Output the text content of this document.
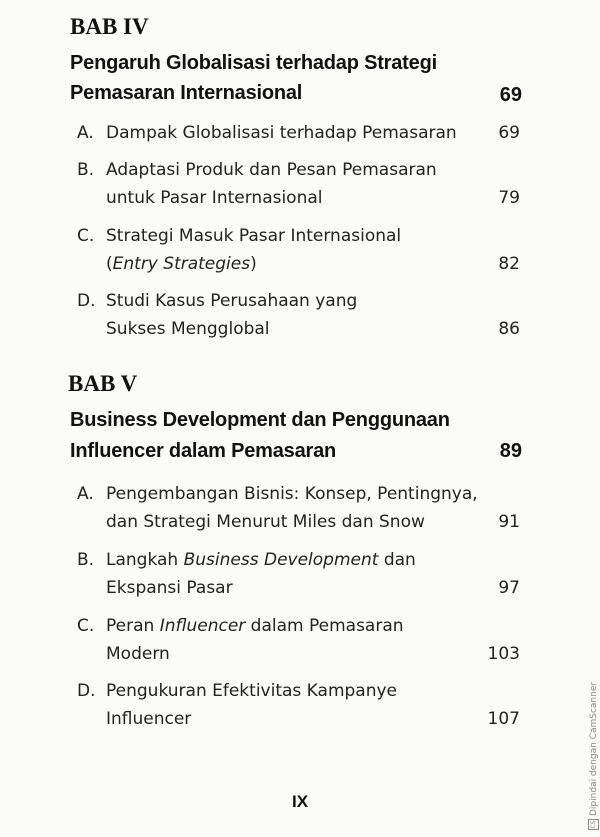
BAB IV
Pengaruh Globalisasi terhadap Strategi
Pemasaran Internasional	69
A. Dampak Globalisasi terhadap Pemasaran 69
B. Adaptasi Produk dan Pesan Pemasaran
untuk Pasar Internasional	79
C. Strategi Masuk Pasar Internasional
(Entry Strategies)	82
D. Studi Kasus Perusahaan yang
Sukses Mengglobal	86
BAB V
Business Development dan Penggunaan
Influencer dalam Pemasaran	89
A. Pengembangan Bisnis: Konsep, Pentingnya,
dan Strategi Menurut Miles dan Snow	91
B. Langkah Business Development dan
Ekspansi Pasar	97
C. Peran Influencer dalam Pemasaran
Modern	103
D. Pengukuran Efektivitas Kampanye
Influencer	107
IX
CSDipindai dengan CamScanner
